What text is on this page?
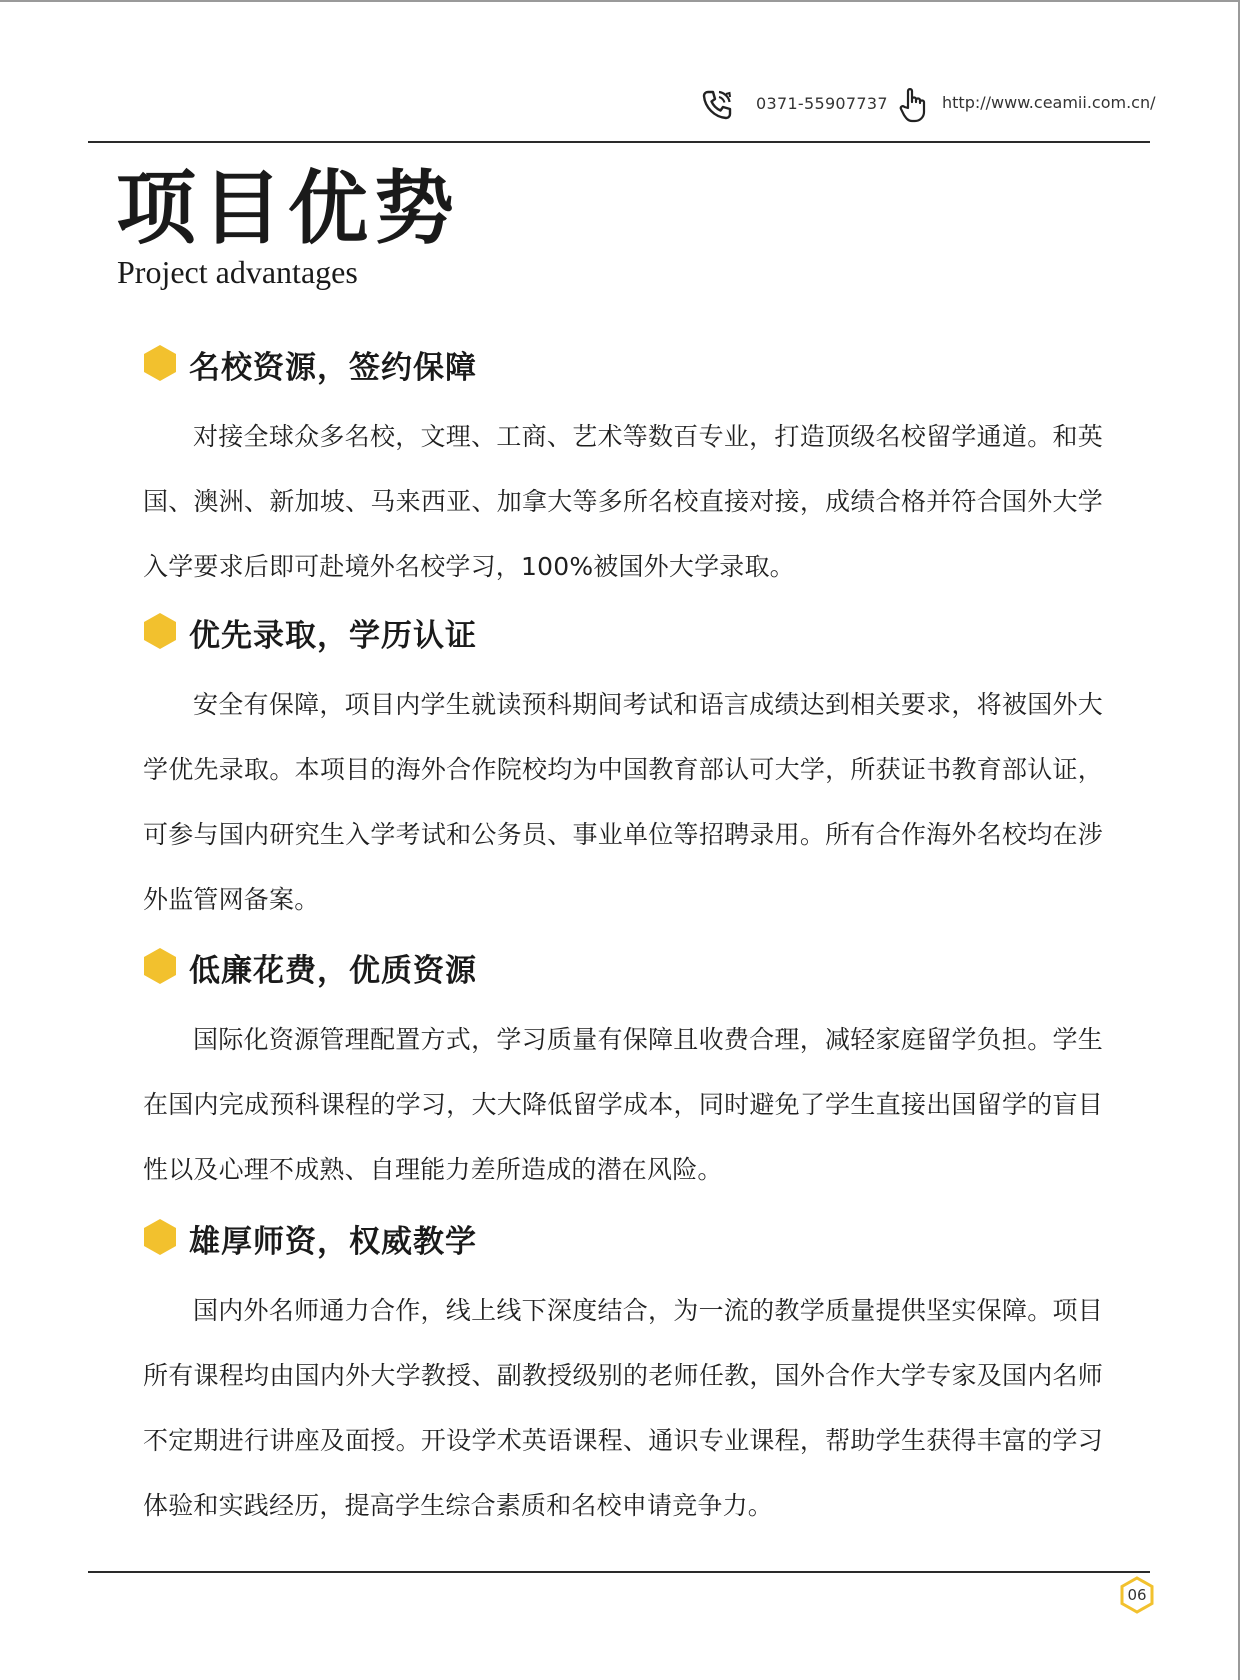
0371-55907737	http://www.ceamii.com.cn/
项目优势
Project advantages
名校资源，签约保障

对接全球众多名校，文理、工商、艺术等数百专业，打造顶级名校留学通道。和英国、澳洲、新加坡、马来西亚、加拿大等多所名校直接对接，成绩合格并符合国外大学入学要求后即可赴境外名校学习，100%被国外大学录取。

优先录取，学历认证

安全有保障，项目内学生就读预科期间考试和语言成绩达到相关要求，将被国外大学优先录取。本项目的海外合作院校均为中国教育部认可大学，所获证书教育部认证，可参与国内研究生入学考试和公务员、事业单位等招聘录用。所有合作海外名校均在涉外监管网备案。

低廉花费，优质资源

国际化资源管理配置方式，学习质量有保障且收费合理，减轻家庭留学负担。学生在国内完成预科课程的学习，大大降低留学成本，同时避免了学生直接出国留学的盲目性以及心理不成熟、自理能力差所造成的潜在风险。

雄厚师资，权威教学

国内外名师通力合作，线上线下深度结合，为一流的教学质量提供坚实保障。项目所有课程均由国内外大学教授、副教授级别的老师任教，国外合作大学专家及国内名师不定期进行讲座及面授。开设学术英语课程、通识专业课程，帮助学生获得丰富的学习体验和实践经历，提高学生综合素质和名校申请竞争力。

06
